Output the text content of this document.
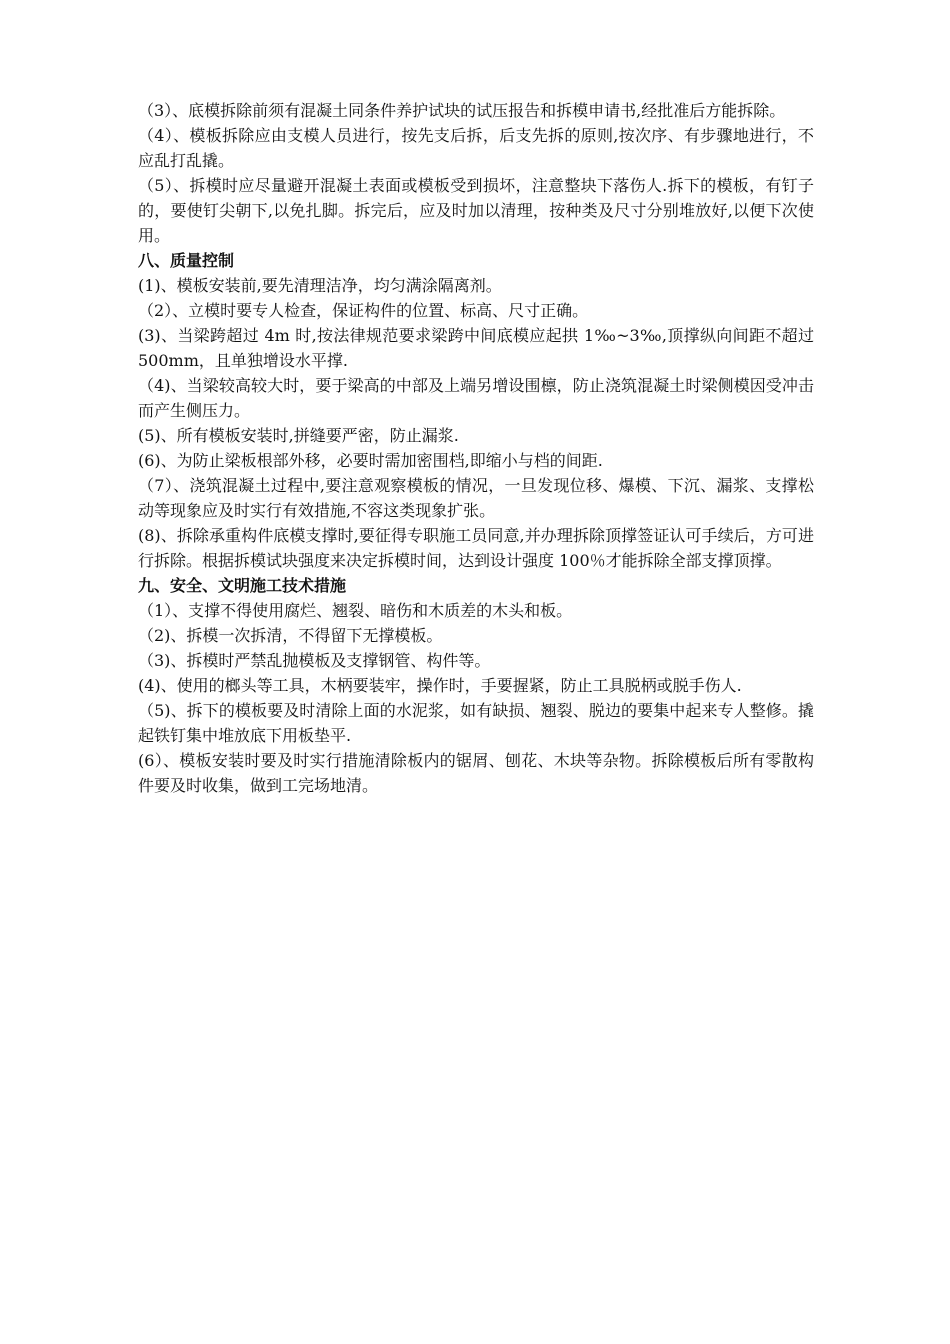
（3）、底模拆除前须有混凝土同条件养护试块的试压报告和拆模申请书,经批准后方能拆除。

（4）、模板拆除应由支模人员进行，按先支后拆，后支先拆的原则,按次序、有步骤地进行，不应乱打乱撬。

（5）、拆模时应尽量避开混凝土表面或模板受到损坏，注意整块下落伤人.拆下的模板，有钉子的，要使钉尖朝下,以免扎脚。拆完后，应及时加以清理，按种类及尺寸分别堆放好,以便下次使用。

八、质量控制

(1)、模板安装前,要先清理洁净，均匀满涂隔离剂。

（2）、立模时要专人检查，保证构件的位置、标高、尺寸正确。

(3)、当梁跨超过 4m 时,按法律规范要求梁跨中间底模应起拱 1‰~3‰,顶撑纵向间距不超过 500mm，且单独增设水平撑.

（4)、当梁较高较大时，要于梁高的中部及上端另增设围檩，防止浇筑混凝土时梁侧模因受冲击而产生侧压力。

(5)、所有模板安装时,拼缝要严密，防止漏浆.

(6)、为防止梁板根部外移，必要时需加密围档,即缩小与档的间距.

（7）、浇筑混凝土过程中,要注意观察模板的情况，一旦发现位移、爆模、下沉、漏浆、支撑松动等现象应及时实行有效措施,不容这类现象扩张。

(8)、拆除承重构件底模支撑时,要征得专职施工员同意,并办理拆除顶撑签证认可手续后，方可进行拆除。根据拆模试块强度来决定拆模时间，达到设计强度 100％才能拆除全部支撑顶撑。

九、安全、文明施工技术措施

（1）、支撑不得使用腐烂、翘裂、暗伤和木质差的木头和板。

（2)、拆模一次拆清，不得留下无撑模板。

（3)、拆模时严禁乱抛模板及支撑钢管、构件等。

(4)、使用的榔头等工具，木柄要装牢，操作时，手要握紧，防止工具脱柄或脱手伤人.

（5)、拆下的模板要及时清除上面的水泥浆，如有缺损、翘裂、脱边的要集中起来专人整修。撬起铁钉集中堆放底下用板垫平.

(6）、模板安装时要及时实行措施清除板内的锯屑、刨花、木块等杂物。拆除模板后所有零散构件要及时收集，做到工完场地清。
